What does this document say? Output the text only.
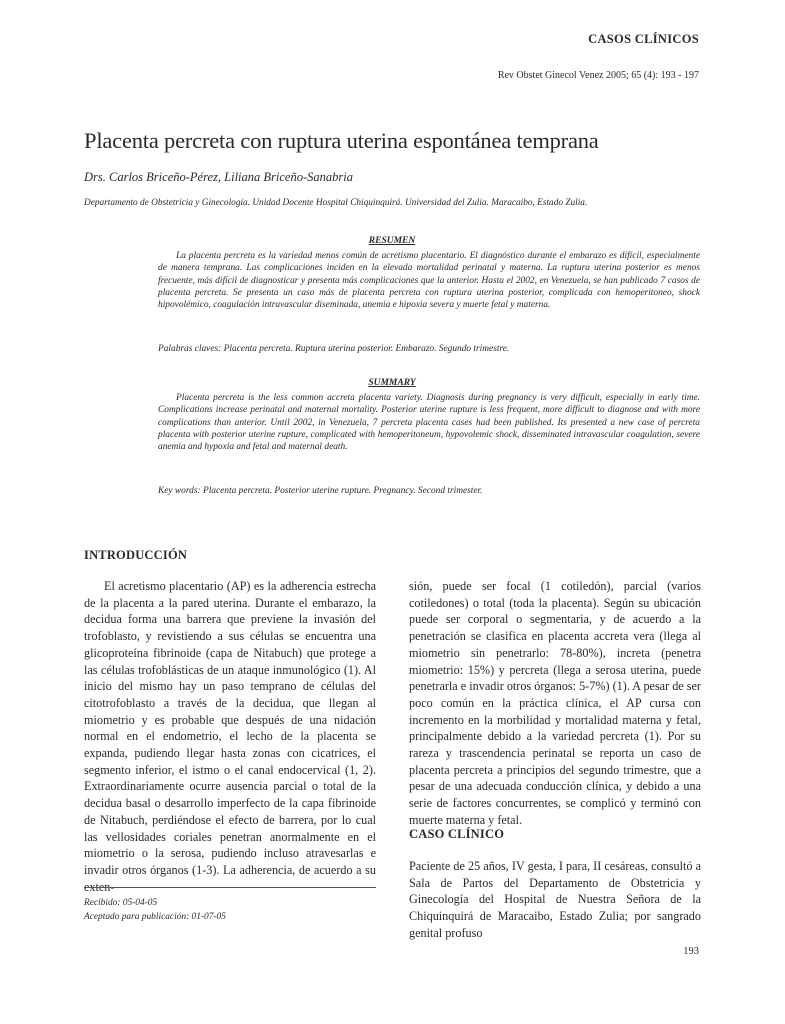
CASOS CLÍNICOS
Rev Obstet Ginecol Venez 2005; 65 (4): 193 - 197
Placenta percreta con ruptura uterina espontánea temprana
Drs. Carlos Briceño-Pérez, Liliana Briceño-Sanabria
Departamento de Obstetricia y Ginecología. Unidad Docente Hospital Chiquinquirá. Universidad del Zulia. Maracaibo, Estado Zulia.
RESUMEN

La placenta percreta es la variedad menos común de acretismo placentario. El diagnóstico durante el embarazo es difícil, especialmente de manera temprana. Las complicaciones inciden en la elevada mortalidad perinatal y materna. La ruptura uterina posterior es menos frecuente, más difícil de diagnosticar y presenta más complicaciones que la anterior. Hasta el 2002, en Venezuela, se han publicado 7 casos de placenta percreta. Se presenta un caso más de placenta percreta con ruptura uterina posterior, complicada con hemoperitoneo, shock hipovolémico, coagulación intravascular diseminada, anemia e hipoxia severa y muerte fetal y materna.

Palabras claves: Placenta percreta. Ruptura uterina posterior. Embarazo. Segundo trimestre.
SUMMARY

Placenta percreta is the less common accreta placenta variety. Diagnosis during pregnancy is very difficult, especially in early time. Complications increase perinatal and maternal mortality. Posterior uterine rupture is less frequent, more difficult to diagnose and with more complications than anterior. Until 2002, in Venezuela, 7 percreta placenta cases had been published. Its presented a new case of percreta placenta with posterior uterine rupture, complicated with hemoperitoneum, hypovolemic shock, disseminated intravascular coagulation, severe anemia and hypoxia and fetal and maternal death.

Key words: Placenta percreta. Posterior uterine rupture. Pregnancy. Second trimester.
INTRODUCCIÓN

El acretismo placentario (AP) es la adherencia estrecha de la placenta a la pared uterina. Durante el embarazo, la decidua forma una barrera que previene la invasión del trofoblasto, y revistiendo a sus células se encuentra una glicoproteína fibrinoide (capa de Nitabuch) que protege a las células trofoblásticas de un ataque inmunológico (1). Al inicio del mismo hay un paso temprano de células del citotrofoblasto a través de la decidua, que llegan al miometrio y es probable que después de una nidación normal en el endometrio, el lecho de la placenta se expanda, pudiendo llegar hasta zonas con cicatrices, el segmento inferior, el istmo o el canal endocervical (1, 2). Extraordinariamente ocurre ausencia parcial o total de la decidua basal o desarrollo imperfecto de la capa fibrinoide de Nitabuch, perdiéndose el efecto de barrera, por lo cual las vellosidades coriales penetran anormalmente en el miometrio o la serosa, pudiendo incluso atravesarlas e invadir otros órganos (1-3). La adherencia, de acuerdo a su exten-

sión, puede ser focal (1 cotiledón), parcial (varios cotiledones) o total (toda la placenta). Según su ubicación puede ser corporal o segmentaria, y de acuerdo a la penetración se clasifica en placenta accreta vera (llega al miometrio sin penetrarlo: 78-80%), increta (penetra miometrio: 15%) y percreta (llega a serosa uterina, puede penetrarla e invadir otros órganos: 5-7%) (1). A pesar de ser poco común en la práctica clínica, el AP cursa con incremento en la morbilidad y mortalidad materna y fetal, principalmente debido a la variedad percreta (1). Por su rareza y trascendencia perinatal se reporta un caso de placenta percreta a principios del segundo trimestre, que a pesar de una adecuada conducción clínica, y debido a una serie de factores concurrentes, se complicó y terminó con muerte materna y fetal.

CASO CLÍNICO

Paciente de 25 años, IV gesta, I para, II cesáreas, consultó a Sala de Partos del Departamento de Obstetricia y Ginecología del Hospital de Nuestra Señora de la Chiquinquirá de Maracaibo, Estado Zulia; por sangrado genital profuso

Recibido: 05-04-05
Aceptado para publicación: 01-07-05
193
